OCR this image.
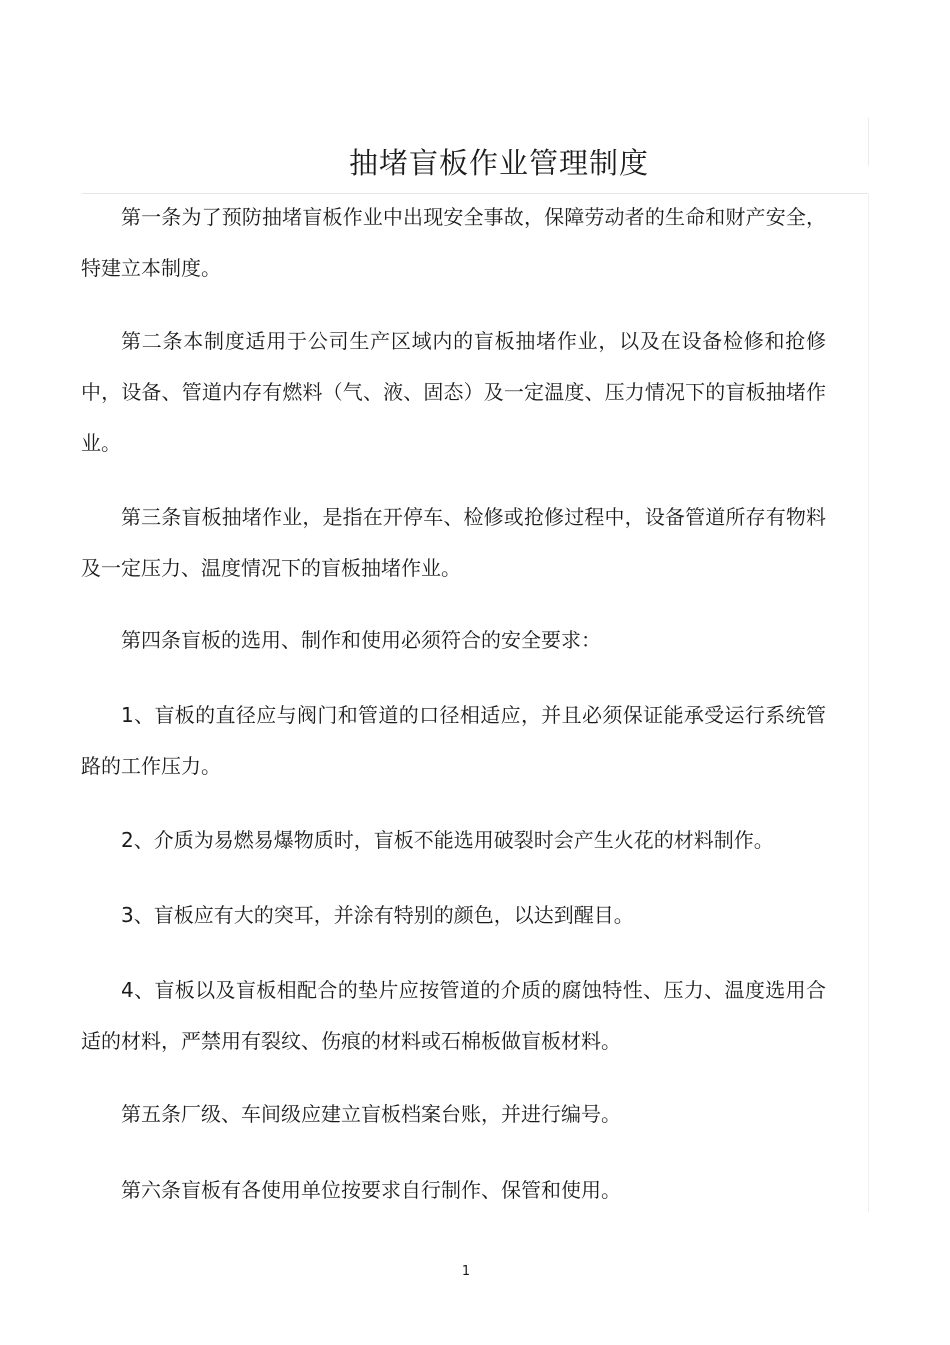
抽堵盲板作业管理制度

第一条为了预防抽堵盲板作业中出现安全事故，保障劳动者的生命和财产安全，特建立本制度。

第二条本制度适用于公司生产区域内的盲板抽堵作业，以及在设备检修和抢修中，设备、管道内存有燃料（气、液、固态）及一定温度、压力情况下的盲板抽堵作业。

第三条盲板抽堵作业，是指在开停车、检修或抢修过程中，设备管道所存有物料及一定压力、温度情况下的盲板抽堵作业。

第四条盲板的选用、制作和使用必须符合的安全要求：

1、盲板的直径应与阀门和管道的口径相适应，并且必须保证能承受运行系统管路的工作压力。

2、介质为易燃易爆物质时，盲板不能选用破裂时会产生火花的材料制作。

3、盲板应有大的突耳，并涂有特别的颜色，以达到醒目。

4、盲板以及盲板相配合的垫片应按管道的介质的腐蚀特性、压力、温度选用合适的材料，严禁用有裂纹、伤痕的材料或石棉板做盲板材料。

第五条厂级、车间级应建立盲板档案台账，并进行编号。

第六条盲板有各使用单位按要求自行制作、保管和使用。

1
